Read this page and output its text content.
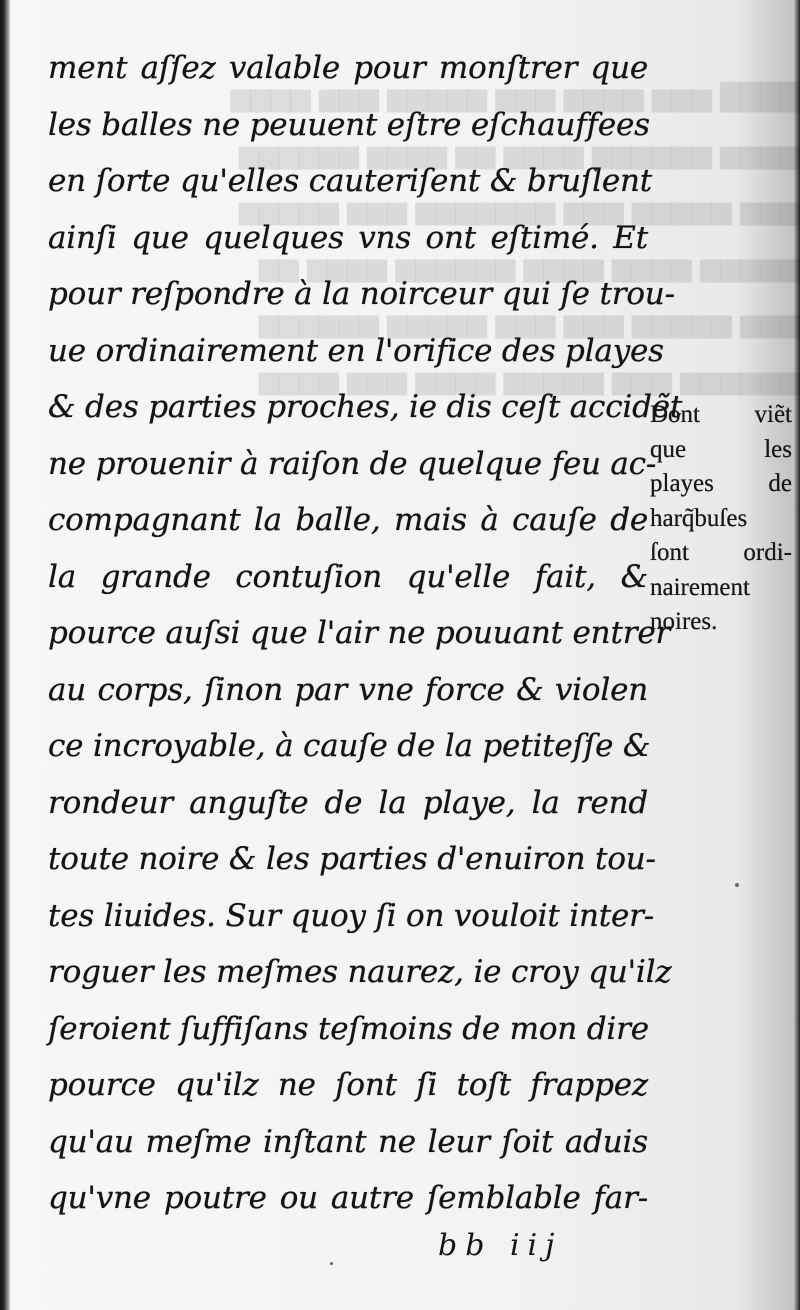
████ ▆▆▆ ▆▆▆▆ ▆▆▆ ▆▆▆▆▆ ▆▆▆ ▆▆▆▆
▆▆▆▆ ▆▆▆▆▆▆ ▆▆▆▆ ▆▆ ▆▆▆▆ ▆▆▆▆▆▆
▆▆▆ ▆▆▆▆▆ ▆▆▆ ▆▆▆▆▆▆▆ ▆▆▆ ▆▆▆▆▆
▆▆▆▆▆ ▆▆▆▆ ▆▆▆▆ ▆▆▆▆▆▆ ▆▆▆▆ ▆▆
▆▆▆ ▆▆▆▆▆ ▆▆▆ ▆▆▆ ▆▆▆▆▆ ▆▆▆▆▆▆
▆▆▆▆▆▆ ▆▆▆ ▆▆▆▆▆ ▆▆▆▆ ▆▆▆ ▆▆▆▆
ment aſſez valable pour monſtrer que
les balles ne peuuent eſtre eſchauffees
en ſorte qu'elles cauteriſent & bruſlent
ainſi que quelques vns ont eſtimé. Et
pour reſpondre à la noirceur qui ſe trou-
ue ordinairement en l'orifice des playes
& des parties proches, ie dis ceſt accidẽt
ne prouenir à raiſon de quelque feu ac-
compagnant la balle, mais à cauſe de
la grande contuſion qu'elle fait, &
pource auſsi que l'air ne pouuant entrer
au corps, ſinon par vne force & violen
ce incroyable, à cauſe de la petiteſſe &
rondeur anguſte de la playe, la rend
toute noire & les parties d'enuiron tou-
tes liuides. Sur quoy ſi on vouloit inter-
roguer les meſmes naurez, ie croy qu'ilz
ſeroient ſuffiſans teſmoins de mon dire
pource qu'ilz ne ſont ſi toſt frappez
qu'au meſme inſtant ne leur ſoit aduis
qu'vne poutre ou autre ſemblable far-
Dont viẽt
que les
playes de
harq̃buſes
ſont ordi-
nairement
noires.
bb iij
